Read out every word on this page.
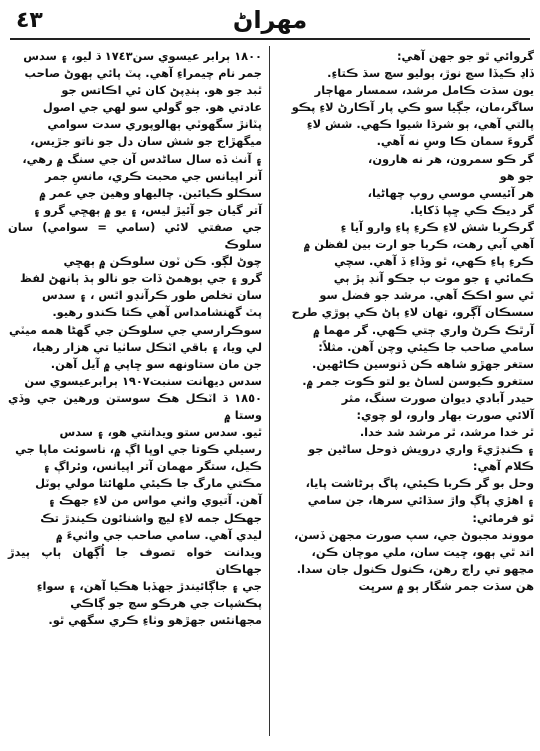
٤٣	مهراڻ

گروائي ٿو جو جهن آهي:

ڏاڍ ڪيڏا سڄ نوڙ، ٻوليو سچ سڌ ڪتاءِ.

يون سڌت ڪامل مرشد، سمسار مهاڄار

ساگر،مان، جڳيا سو ڪي پار آڪارڻ لاءِ پڪو

پالتي آهي، ٻو شرڌا شيوا ڪهي. شش لاءِ

گروءَ سمان ڪا وسِ نه آهي.

گر ڪو سمرون، هر نه هارون،

جو هو

هر آئيسي موسي روپ چهاڻيا،

گر ديڪ ڪي ڇپا ڏکايا.

گرڪربا شش لاءِ ڪرءِ پاءِ وارو آيا ءِ

آهي آبي رهت، ڪربا جو ارت بين لفظن ۾

ڪرءِ پاءِ ڪهي، ٿو وڏاءِ ڏ آهي. سچي

ڪمائي ۽ جو موت ٻ جڪو آنڊ ٻڙ ٻي

ٿي سو اڪڪ آهي. مرشد جو فضل سو

سسڪان آڳرو، تهان لاءِ ٻاڻ ڪي ٻوڙي طرح

آرٿڪ ڪرڻ واري ڄتي ڪهي. گر مهما ۾

سامي صاحب جا ڪيئي وچن آهن. مثلاً:

ستغر جهڙو شاهه ڪن ڏنوسين ڪاڻهين.

ستغرو ڪيوسن لساڻ يو لتو ڪوت جمر ۾.

حيدر آبادي ديوان صورت سنگ، مثر

آلائي صورت بهار وارو، لو چوي:

ٿر خدا مرشد، ٿر مرشد شد خدا.

۽ ڪنڊڙيءَ واري درويش ذوحل ساڻين جو

ڪلام آهي:

وحل بو گر ڪربا ڪيئي، پاگ ٻرڻاشت پايا،

۽ اهڙي پاڳ واڙ سڌائي سرها، جن سامي

ٿو فرمائي:

مووند مجبوڻ جي، سپ صورت مجهن ڏسن،

اتد ٿي ٻهو، ڇيت سان، ملي موچان ڪن،

مڃهو تي راڄ رهن، ڪنول ڪنول جان سدا.

هن سڌت جمر شگار ٻو ۾ سرڀت

١٨٠٠ ٻرابر عيسوي سن١٧٤٣ ڌ ليو، ۽ سدس

جمر نام چيمراءِ آهي. پٽ پائي ٻهوڻ صاحب

ٿبد جو هو. ٻنڍپڻ کان ئي اڪاتس جو

عادتي هو. جو گولي سو لهي جي اصول

پٽانڙ سگهوٽي ٻهالوپوري سدت سوامي

ميگهڙاج جو شش سان دل جو ناتو جڙيس،

۽ آنٺ ڏه سال ساڻدس آن جي سنگ ۾ رهي،

آنر اپيانس جي محبت ڪري، مانسِ جمر

سڪلو ڪيائين. چاليهاو وهين جي عمر ۾

آتر گيان جو آئيڙ ليس، ۽ يو ۾ ٻهڇي گرو ۽

جي صفتي لائي (سامي = سوامي) سان سلوڪ

چوڻ لڳو. ڪن ٽون سلوڪن ۾ ٻهڇي

گرو ۽ جي ٻوهمڻ ڏات جو نالو ٻڌ ٻانهڻ لفظ

سان تخلص طور ڪرآنڊو اٿس ، ۽ سدس

پٽ گهنشامداس آهي ڪتا ڪندو رهيو.

سوڪرارسي جي سلوڪن جي گهڻا همه ميٽي

لي ويا، ۽ باقي اٽڪل ساٺيا تي هزار رهيا،

جن مان ستاونهه سو ڇاپي ۾ آيل آهن.

سدس ديهانت سنبت١٩٠٧ ٻرابرعيسوي سن

١٨٥٠ ڌ اٽڪل هڪ سوستن ورهين جي وڏي وستا ۾

ٿيو. سدس ستو ويدانتي هو، ۽ سدس

رسيلي ڪوتا جي اوپا اڳ ۾، ناسوئت ماپا جي

ڪيل، ستگر مهمان آتر اپيانس، وئراڳ ۽

مڪتي مارگ جا ڪيئي ملهائتا مولي ٻوٽل

آهن. آتيوي واٺي مواس من لاءِ جهڪ ۽

جهڪل جمه لاءِ ليچ واشنائون ڪيندڙ تڪ

ليدي آهي. سامي صاحب جي واٺيءَ ۾

ويدانت خواه تصوف جا اُڳهان ٻاپ ٻيدڙ جهاڪان

جي ۽ جاڳائيندڙ جهڏبا هڪيا آهن، ۽ سواءِ

پڪشپات جي هرڪو سچ جو ڳاڪي

مجهانئس جهڙهو وٺاءِ ڪري سگهي ٿو.
